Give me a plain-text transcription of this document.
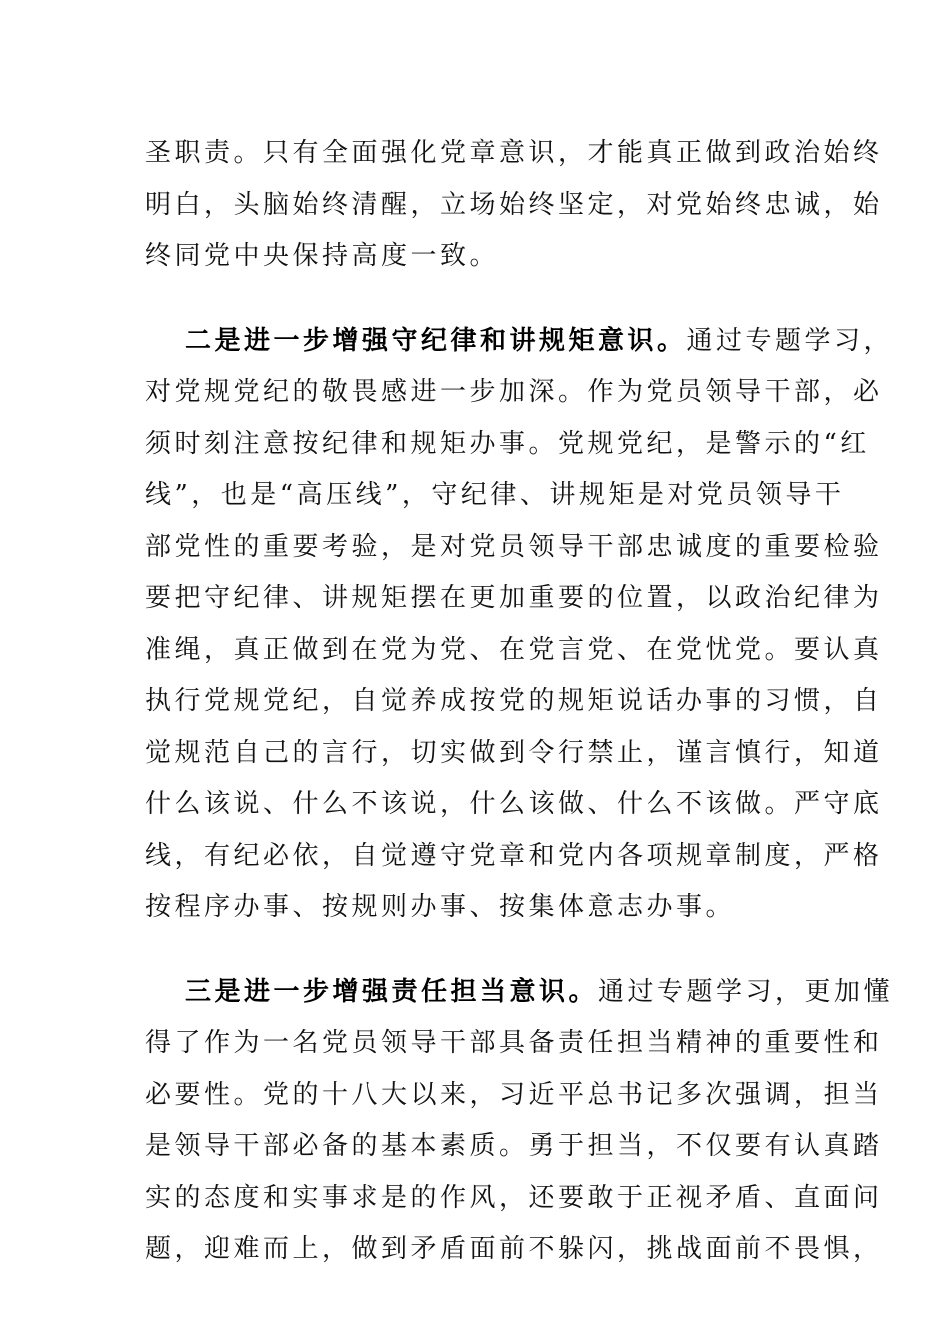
圣职责。只有全面强化党章意识，才能真正做到政治始终
明白，头脑始终清醒，立场始终坚定，对党始终忠诚，始
终同党中央保持高度一致。
二是进一步增强守纪律和讲规矩意识。通过专题学习，
对党规党纪的敬畏感进一步加深。作为党员领导干部，必
须时刻注意按纪律和规矩办事。党规党纪，是警示的“红
线”，也是“高压线”，守纪律、讲规矩是对党员领导干
部党性的重要考验，是对党员领导干部忠诚度的重要检验
要把守纪律、讲规矩摆在更加重要的位置，以政治纪律为
准绳，真正做到在党为党、在党言党、在党忧党。要认真
执行党规党纪，自觉养成按党的规矩说话办事的习惯，自
觉规范自己的言行，切实做到令行禁止，谨言慎行，知道
什么该说、什么不该说，什么该做、什么不该做。严守底
线，有纪必依，自觉遵守党章和党内各项规章制度，严格
按程序办事、按规则办事、按集体意志办事。
三是进一步增强责任担当意识。通过专题学习，更加懂
得了作为一名党员领导干部具备责任担当精神的重要性和
必要性。党的十八大以来，习近平总书记多次强调，担当
是领导干部必备的基本素质。勇于担当，不仅要有认真踏
实的态度和实事求是的作风，还要敢于正视矛盾、直面问
题，迎难而上，做到矛盾面前不躲闪，挑战面前不畏惧，
